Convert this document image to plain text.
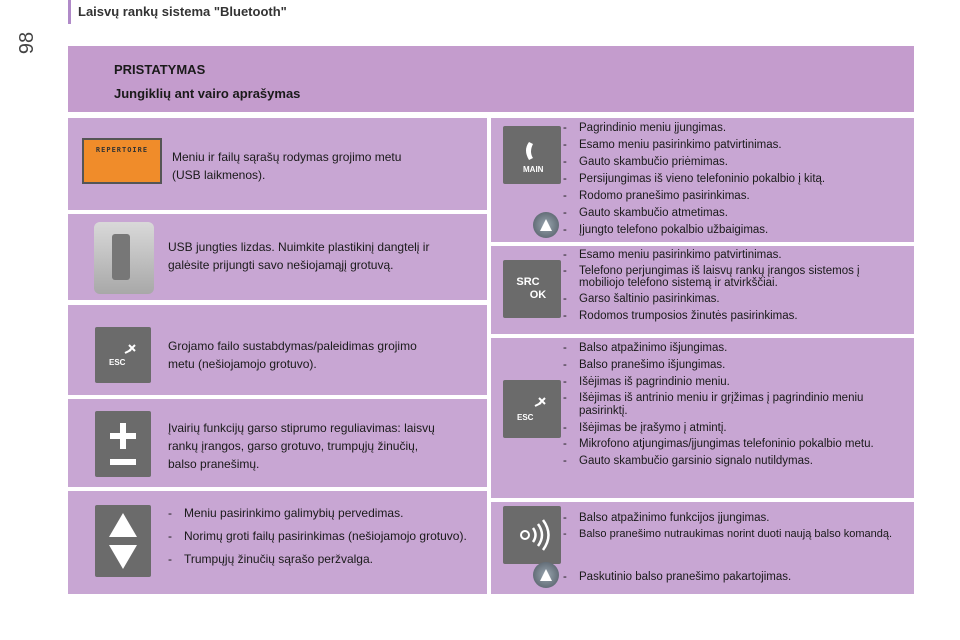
98
Laisvų rankų sistema "Bluetooth"
PRISTATYMAS
Jungiklių ant vairo aprašymas
REPERTOIRE Meniu ir failų sąrašų rodymas grojimo metu
(USB laikmenos).
USB jungties lizdas. Nuimkite plastikinį dangtelį ir
galėsite prijungti savo nešiojamąjį grotuvą.
ESC
Grojamo failo sustabdymas/paleidimas grojimo
metu (nešiojamojo grotuvo).
Įvairių funkcijų garso stiprumo reguliavimas: laisvų
rankų įrangos, garso grotuvo, trumpųjų žinučių,
balso pranešimų.
- Meniu pasirinkimo galimybių pervedimas.
- Norimų groti failų pasirinkimas (nešiojamojo grotuvo).
- Trumpųjų žinučių sąrašo peržvalga.
MAIN
- Pagrindinio meniu įjungimas.
- Esamo meniu pasirinkimo patvirtinimas.
- Gauto skambučio priėmimas.
- Persijungimas iš vieno telefoninio pokalbio į kitą.
- Rodomo pranešimo pasirinkimas.
- Gauto skambučio atmetimas.
- Įjungto telefono pokalbio užbaigimas.
SRC
OK
- Esamo meniu pasirinkimo patvirtinimas.
- Telefono perjungimas iš laisvų rankų įrangos sistemos į mobiliojo telefono sistemą ir atvirkščiai.
- Garso šaltinio pasirinkimas.
- Rodomos trumposios žinutės pasirinkimas.
ESC
- Balso atpažinimo išjungimas.
- Balso pranešimo išjungimas.
- Išėjimas iš pagrindinio meniu.
- Išėjimas iš antrinio meniu ir grįžimas į pagrindinio meniu pasirinktį.
- Išėjimas be įrašymo į atmintį.
- Mikrofono atjungimas/įjungimas telefoninio pokalbio metu.
- Gauto skambučio garsinio signalo nutildymas.
- Balso atpažinimo funkcijos įjungimas.
- Balso pranešimo nutraukimas norint duoti naują balso komandą.
- Paskutinio balso pranešimo pakartojimas.
